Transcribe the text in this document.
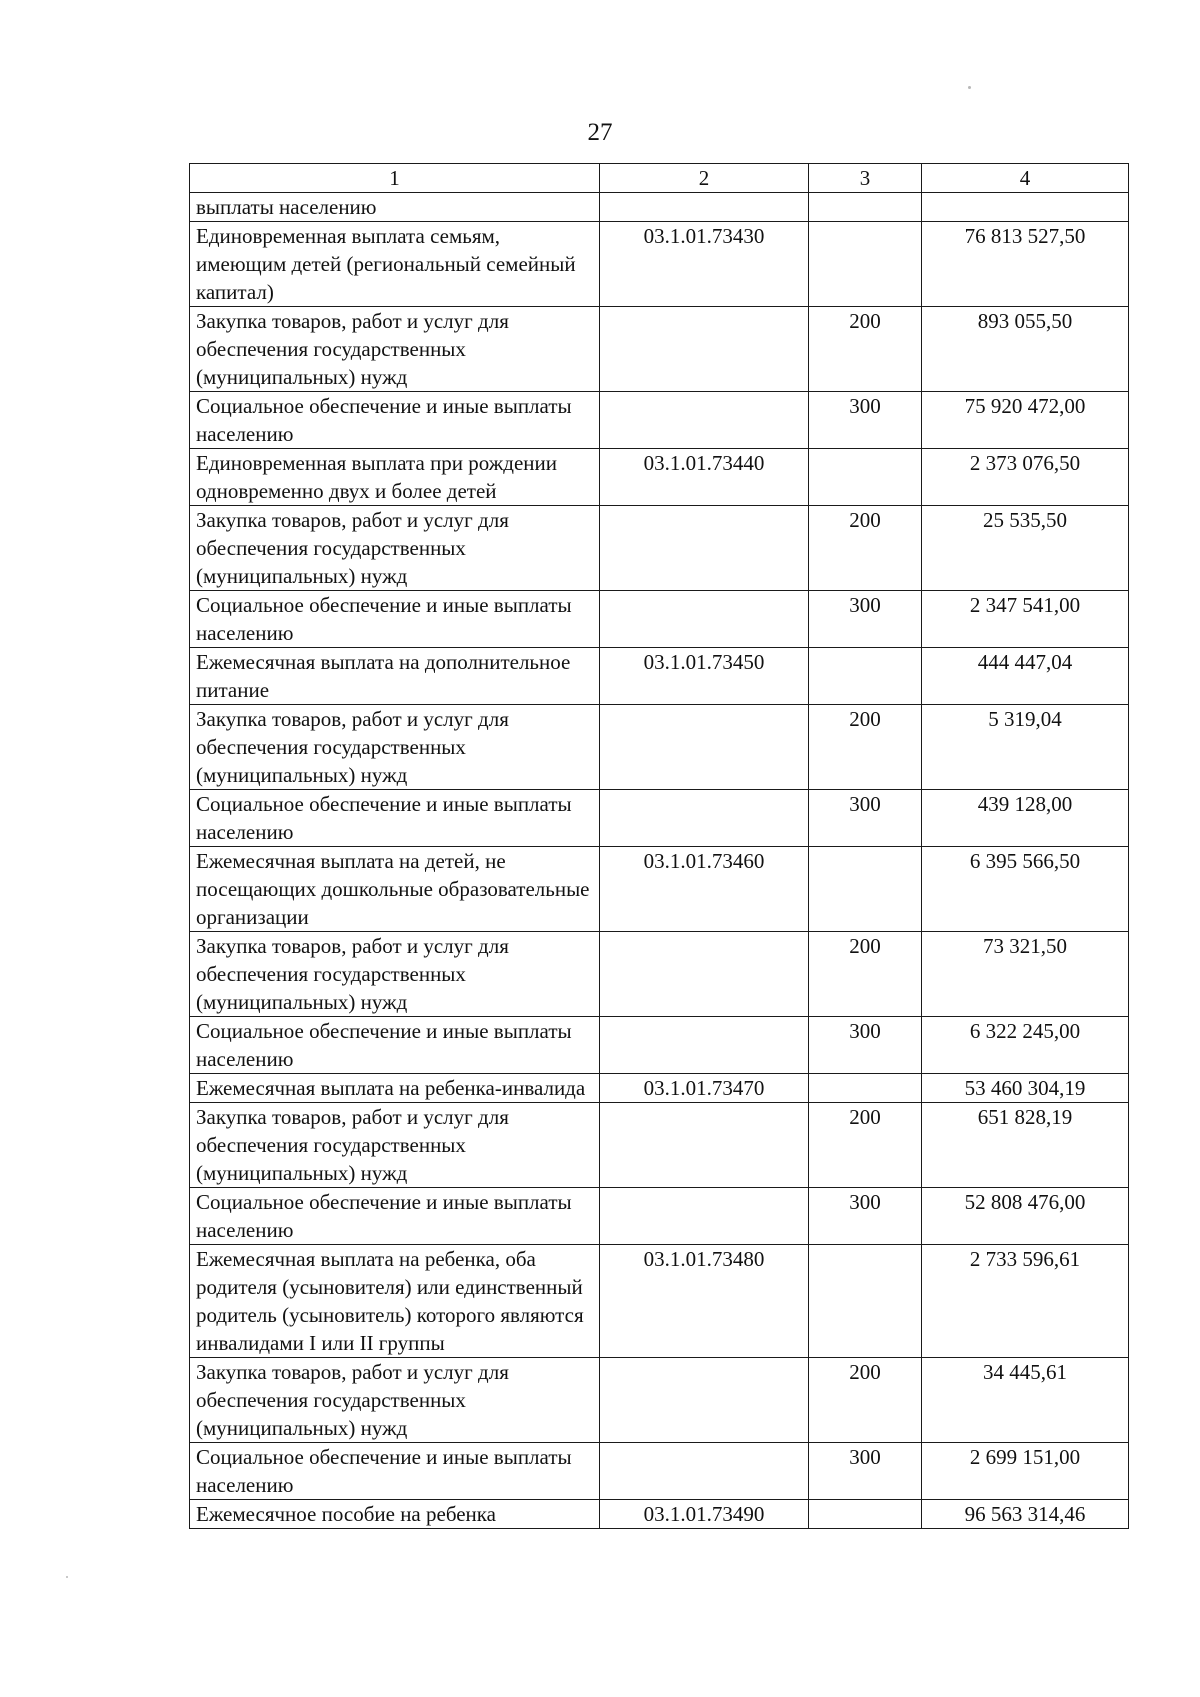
27
1	2	3	4
выплаты населению			
Единовременная выплата семьям, имеющим детей (региональный семейный капитал)	03.1.01.73430		76 813 527,50
Закупка товаров, работ и услуг для обеспечения государственных (муниципальных) нужд		200	893 055,50
Социальное обеспечение и иные выплаты населению		300	75 920 472,00
Единовременная выплата при рождении одновременно двух и более детей	03.1.01.73440		2 373 076,50
Закупка товаров, работ и услуг для обеспечения государственных (муниципальных) нужд		200	25 535,50
Социальное обеспечение и иные выплаты населению		300	2 347 541,00
Ежемесячная выплата на дополнительное питание	03.1.01.73450		444 447,04
Закупка товаров, работ и услуг для обеспечения государственных (муниципальных) нужд		200	5 319,04
Социальное обеспечение и иные выплаты населению		300	439 128,00
Ежемесячная выплата на детей, не посещающих дошкольные образовательные организации	03.1.01.73460		6 395 566,50
Закупка товаров, работ и услуг для обеспечения государственных (муниципальных) нужд		200	73 321,50
Социальное обеспечение и иные выплаты населению		300	6 322 245,00
Ежемесячная выплата на ребенка-инвалида	03.1.01.73470		53 460 304,19
Закупка товаров, работ и услуг для обеспечения государственных (муниципальных) нужд		200	651 828,19
Социальное обеспечение и иные выплаты населению		300	52 808 476,00
Ежемесячная выплата на ребенка, оба родителя (усыновителя) или единственный родитель (усыновитель) которого являются инвалидами I или II группы	03.1.01.73480		2 733 596,61
Закупка товаров, работ и услуг для обеспечения государственных (муниципальных) нужд		200	34 445,61
Социальное обеспечение и иные выплаты населению		300	2 699 151,00
Ежемесячное пособие на ребенка	03.1.01.73490		96 563 314,46
